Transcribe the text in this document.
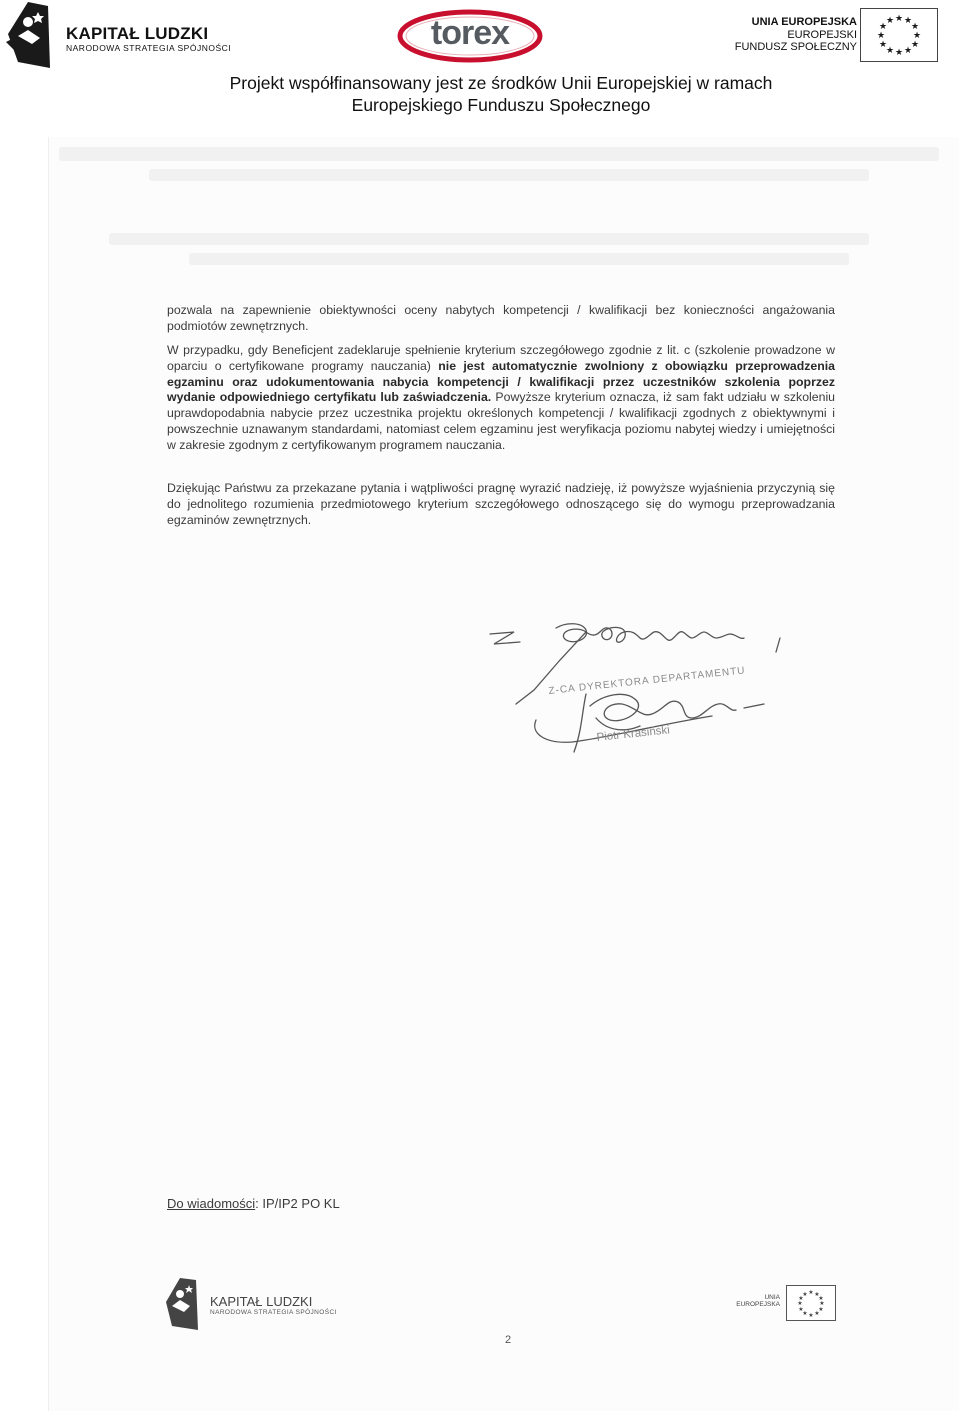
KAPITAŁ LUDZKI
NARODOWA STRATEGIA SPÓJNOŚCI	torex	UNIA EUROPEJSKA
EUROPEJSKI
FUNDUSZ SPOŁECZNY
★ ★
★
★
★
★
★
★
★
★
★
★
Projekt współfinansowany jest ze środków Unii Europejskiej w ramach
Europejskiego Funduszu Społecznego

pozwala na zapewnienie obiektywności oceny nabytych kompetencji / kwalifikacji bez konieczności angażowania podmiotów zewnętrznych.

W przypadku, gdy Beneficjent zadeklaruje spełnienie kryterium szczegółowego zgodnie z lit. c (szkolenie prowadzone w oparciu o certyfikowane programy nauczania) nie jest automatycznie zwolniony z obowiązku przeprowadzenia egzaminu oraz udokumentowania nabycia kompetencji / kwalifikacji przez uczestników szkolenia poprzez wydanie odpowiedniego certyfikatu lub zaświadczenia. Powyższe kryterium oznacza, iż sam fakt udziału w szkoleniu uprawdopodabnia nabycie przez uczestnika projektu określonych kompetencji / kwalifikacji zgodnych z obiektywnymi i powszechnie uznawanym standardami, natomiast celem egzaminu jest weryfikacja poziomu nabytej wiedzy i umiejętności w zakresie zgodnym z certyfikowanym programem nauczania.

Dziękując Państwu za przekazane pytania i wątpliwości pragnę wyrazić nadzieję, iż powyższe wyjaśnienia przyczynią się do jednolitego rozumienia przedmiotowego kryterium szczegółowego odnoszącego się do wymogu przeprowadzania egzaminów zewnętrznych.

Z-CA DYREKTORA DEPARTAMENTU
Piotr Krasiński
Do wiadomości: IP/IP2 PO KL
KAPITAŁ LUDZKI
NARODOWA STRATEGIA SPÓJNOŚCI
UNIA
EUROPEJSKA
★ ★
★
★
★
★
★
★
★
★
★
★
2
